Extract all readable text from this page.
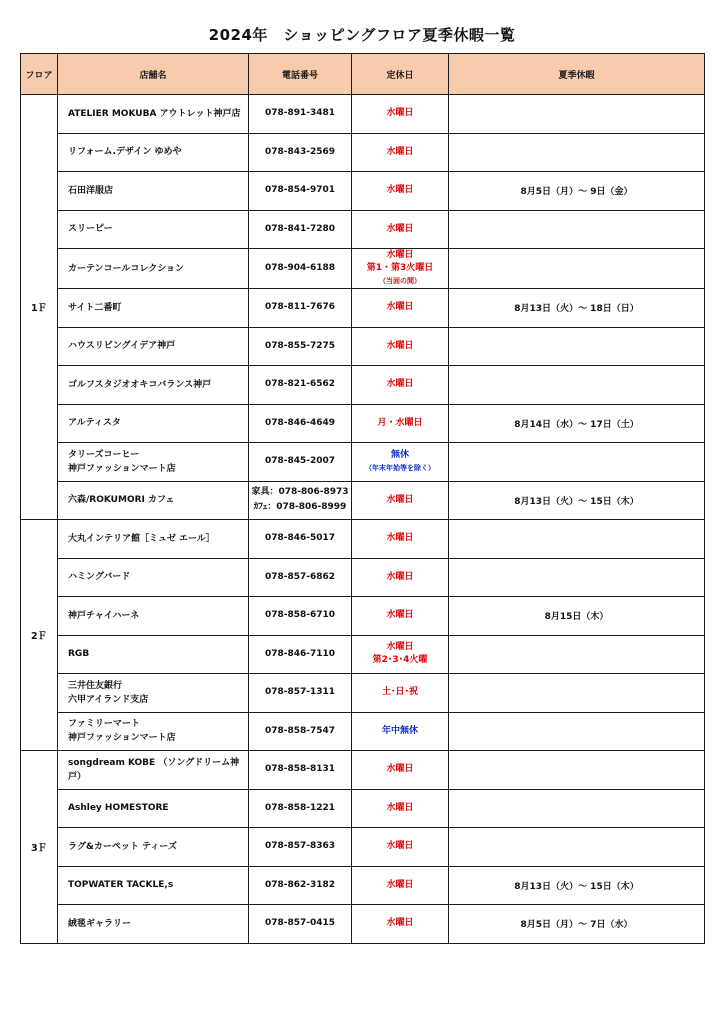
2024年　ショッピングフロア夏季休暇一覧
フロア	店舗名	電話番号	定休日	夏季休暇
1Ｆ	ATELIER MOKUBA アウトレット神戸店	078-891-3481	水曜日	

	リフォーム.デザイン ゆめや	078-843-2569	水曜日	

	石田洋服店	078-854-9701	水曜日	8月5日（月）～ 9日（金）

	スリーピー	078-841-7280	水曜日	

	カーテンコールコレクション	078-904-6188	水曜日
第1・第3火曜日
（当面の間）	

	サイト二番町	078-811-7676	水曜日	8月13日（火）～ 18日（日）

	ハウスリビングイデア神戸	078-855-7275	水曜日	

	ゴルフスタジオオキコバランス神戸	078-821-6562	水曜日	

	アルティスタ	078-846-4649	月・水曜日	8月14日（水）～ 17日（土）

	タリーズコーヒー
神戸ファッションマート店	078-845-2007	無休
（年末年始等を除く）	

	六森/ROKUMORI カフェ	家具：078-806-8973
ｶﾌｪ：078-806-8999	水曜日	8月13日（火）～ 15日（木）
2Ｆ	大丸インテリア館［ミュゼ エール］	078-846-5017	水曜日	

	ハミングバード	078-857-6862	水曜日	

	神戸チャイハーネ	078-858-6710	水曜日	8月15日（木）

	RGB	078-846-7110	水曜日
第2･3･4火曜	

	三井住友銀行
六甲アイランド支店	078-857-1311	土･日･祝	

	ファミリーマート
神戸ファッションマート店	078-858-7547	年中無休	

3Ｆ	songdream KOBE （ソングドリーム神
戸）	078-858-8131	水曜日	

	Ashley HOMESTORE	078-858-1221	水曜日	

	ラグ&カーペット ティーズ	078-857-8363	水曜日	

	TOPWATER TACKLE,s	078-862-3182	水曜日	8月13日（火）～ 15日（木）

	絨毯ギャラリー	078-857-0415	水曜日	8月5日（月）～ 7日（水）
